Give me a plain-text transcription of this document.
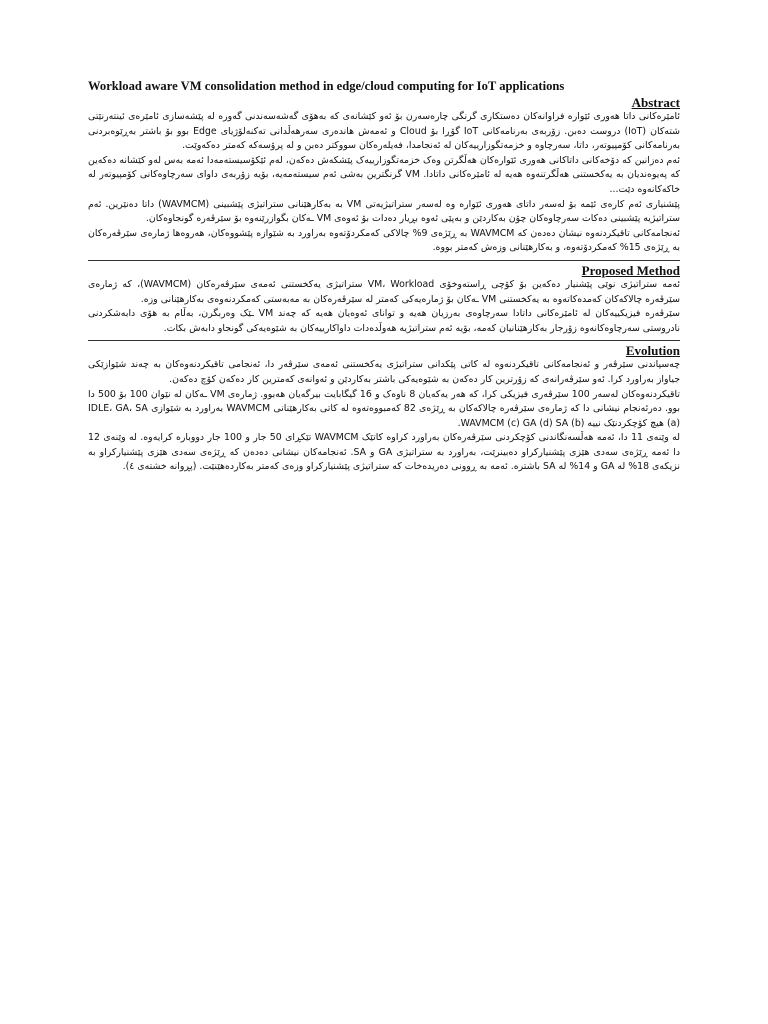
Workload aware VM consolidation method in edge/cloud computing for IoT applications
Abstract

ئامێرەکانی داتا هەوری ئێوارە فراوانەکان دەستکاری گرنگی چارەسەرن بۆ ئەو کێشانەی کە بەهۆی گەشەسەندنی گەورە لە پێشەسازی ئامێرەی ئینتەرنێتی شتەکان (IoT) دروست دەبن. زۆربەی بەرنامەکانی IoT گۆڕا بۆ Cloud و ئەمەش هاندەری سەرهەڵدانی تەکنەلۆژیای Edge بوو بۆ باشتر بەڕێوەبردنی بەرنامەکانی کۆمپیوتەر، داتا، سەرچاوە و خزمەتگوزارییەکان لە ئەنجامدا، فەیلەرەکان سووکتر دەبن و لە پرۆسەکە کەمتر دەکەوێت.

ئەم دەزانین کە دۆخەکانی داتاکانی هەوری ئێوارەکان هەڵگرتن وەک خزمەتگوزارییەک پێشکەش دەکەن، لەم ئێکۆسیستەمەدا ئەمە بەس لەو کێشانە دەکەین کە پەیوەندیان بە یەکخستنی هەڵگرتنەوە هەیە لە ئامێرەکانی داتادا. VM گرنگترین بەشی ئەم سیستەمەیە، بۆیە زۆربەی داوای سەرچاوەکانی کۆمپیوتەر لە خاکەکانەوە دێت...

پێشنیاری ئەم کارەی ئێمە بۆ لەسەر داتای هەوری ئێوارە وە لەسەر ستراتیژیەتی VM بە بەکارهێنانی ستراتیژی پێشبینی (WAVMCM) داتا دەنێرین. ئەم ستراتیژیە پێشبینی دەکات سەرچاوەکان چۆن بەکاردێن و بەپێی ئەوە بڕیار دەدات بۆ ئەوەی VM ـەکان بگوازرێنەوە بۆ سێرڤەرە گونجاوەکان.

ئەنجامەکانی تاقیکردنەوە نیشان دەدەن کە WAVMCM بە ڕێژەی 9% چالاکی کەمکردۆتەوە بەراورد بە شێوازە پێشووەکان، هەروەها ژمارەی سێرڤەرەکان بە ڕێژەی 15% کەمکردۆتەوە، و بەکارهێنانی وزەش کەمتر بووە.

Proposed Method

ئەمە ستراتیژی نوێی پێشنیار دەکەین بۆ کۆچی ڕاستەوخۆی VM، Workload ستراتیژی یەکخستنی ئەمەی سێرڤەرەکان (WAVMCM)، کە ژمارەی سێرڤەرە چالاکەکان کەمدەکاتەوە بە یەکخستنی VM ـەکان بۆ ژمارەیەکی کەمتر لە سێرڤەرەکان بە مەبەستی کەمکردنەوەی بەکارهێنانی وزە.

سێرڤەرە فیزیکییەکان لە ئامێرەکانی داتادا سەرچاوەی بەرزیان هەیە و توانای ئەوەیان هەیە کە چەند VM ـێک وەربگرن، بەڵام بە هۆی دابەشکردنی نادروستی سەرچاوەکانەوە زۆرجار بەکارهێنانیان کەمە، بۆیە ئەم ستراتیژیە هەوڵدەدات داواکارییەکان بە شێوەیەکی گونجاو دابەش بکات.

Evolution

چەسپاندنی سێرڤەر و ئەنجامەکانی تاقیکردنەوە لە کاتی پێکدانی ستراتیژی یەکخستنی ئەمەی سێرڤەر دا، ئەنجامی تاقیکردنەوەکان بە چەند شێوازێکی جیاواز بەراورد کرا. ئەو سێرڤەرانەی کە زۆرترین کار دەکەن بە شێوەیەکی باشتر بەکاردێن و ئەوانەی کەمترین کار دەکەن کۆچ دەکەن.

تاقیکردنەوەکان لەسەر 100 سێرڤەری فیزیکی کرا، کە هەر یەکەیان 8 ناوەک و 16 گیگابایت بیرگەیان هەبوو. ژمارەی VM ـەکان لە نێوان 100 بۆ 500 دا بوو. دەرئەنجام نیشانی دا کە ژمارەی سێرڤەرە چالاکەکان بە ڕێژەی 82 کەمبووەتەوە لە کاتی بەکارهێنانی WAVMCM بەراورد بە شێوازی IDLE، GA، SA (a) هیچ کۆچکردنێک نییە (b) WAVMCM (c) GA (d) SA.

لە وێنەی 11 دا، ئەمە هەڵسەنگاندنی کۆچکردنی سێرڤەرەکان بەراورد کراوە کاتێک WAVMCM تێکڕای 50 جار و 100 جار دووبارە کرایەوە. لە وێنەی 12 دا ئەمە ڕێژەی سەدی هێزی پێشنیارکراو دەبینرێت، بەراورد بە ستراتیژی GA و SA. ئەنجامەکان نیشانی دەدەن کە ڕێژەی سەدی هێزی پێشنیارکراو بە نزیکەی 18% لە GA و 14% لە SA باشترە. ئەمە بە ڕوونی دەریدەخات کە ستراتیژی پێشنیارکراو وزەی کەمتر بەکاردەهێنێت. (پڕوانە خشتەی ٤).
